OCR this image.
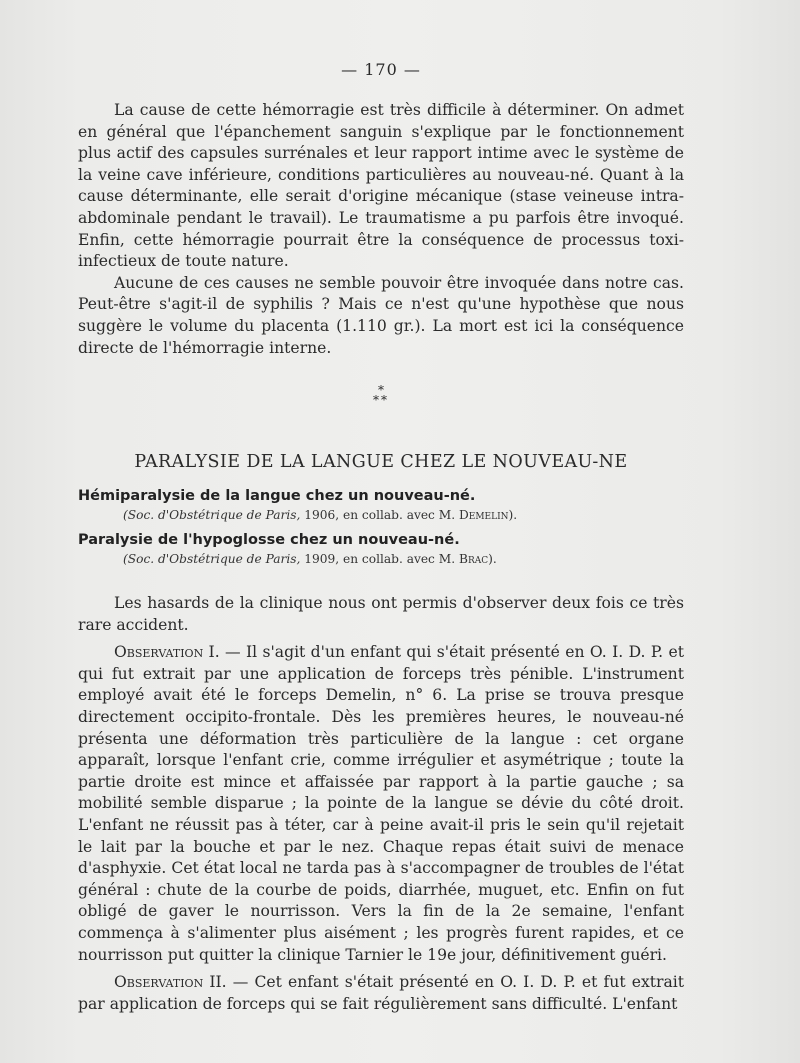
— 170 —

La cause de cette hémorragie est très difficile à déterminer. On admet en général que l'épanchement sanguin s'explique par le fonctionnement plus actif des capsules surrénales et leur rapport intime avec le système de la veine cave inférieure, conditions particulières au nouveau-né. Quant à la cause déterminante, elle serait d'origine mécanique (stase veineuse intra-abdominale pendant le travail). Le traumatisme a pu parfois être invoqué. Enfin, cette hémorragie pourrait être la conséquence de processus toxi-infectieux de toute nature.

Aucune de ces causes ne semble pouvoir être invoquée dans notre cas. Peut-être s'agit-il de syphilis ? Mais ce n'est qu'une hypothèse que nous suggère le volume du placenta (1.110 gr.). La mort est ici la conséquence directe de l'hémorragie interne.

*
**
PARALYSIE DE LA LANGUE CHEZ LE NOUVEAU-NE
Hémiparalysie de la langue chez un nouveau-né.
(Soc. d'Obstétrique de Paris, 1906, en collab. avec M. Demelin).
Paralysie de l'hypoglosse chez un nouveau-né.
(Soc. d'Obstétrique de Paris, 1909, en collab. avec M. Brac).

Les hasards de la clinique nous ont permis d'observer deux fois ce très rare accident.

Observation I. — Il s'agit d'un enfant qui s'était présenté en O. I. D. P. et qui fut extrait par une application de forceps très pénible. L'instrument employé avait été le forceps Demelin, n° 6. La prise se trouva presque directement occipito-frontale. Dès les premières heures, le nouveau-né présenta une déformation très particulière de la langue : cet organe apparaît, lorsque l'enfant crie, comme irrégulier et asymétrique ; toute la partie droite est mince et affaissée par rapport à la partie gauche ; sa mobilité semble disparue ; la pointe de la langue se dévie du côté droit. L'enfant ne réussit pas à téter, car à peine avait-il pris le sein qu'il rejetait le lait par la bouche et par le nez. Chaque repas était suivi de menace d'asphyxie. Cet état local ne tarda pas à s'accompagner de troubles de l'état général : chute de la courbe de poids, diarrhée, muguet, etc. Enfin on fut obligé de gaver le nourrisson. Vers la fin de la 2e semaine, l'enfant commença à s'alimenter plus aisément ; les progrès furent rapides, et ce nourrisson put quitter la clinique Tarnier le 19e jour, définitivement guéri.

Observation II. — Cet enfant s'était présenté en O. I. D. P. et fut extrait par application de forceps qui se fait régulièrement sans difficulté. L'enfant
